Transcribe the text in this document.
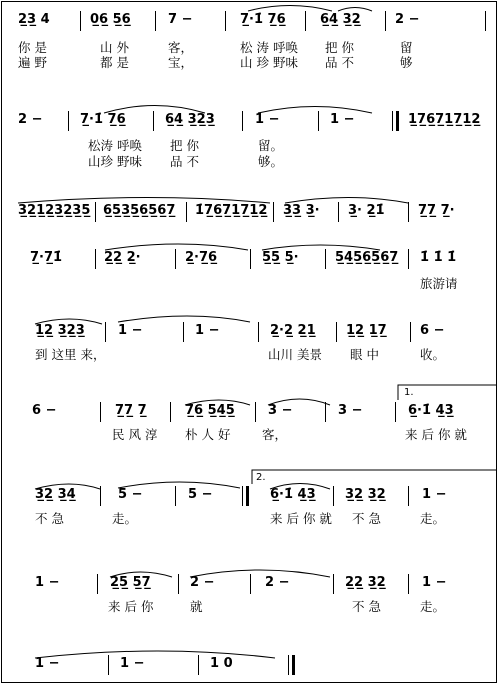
2̲3̲ 4	0̲6̲ 5̲6̲	7 −	7̲·1̇ 7̲6̲	6̲4̲ 3̲2̲	2 −
你 是	山 外	客，	松 涛 呼唤 把 你	留
遍 野	都 是	宝，	山 珍 野味 品 不	够
2 −	7̲·1̇ 7̲6̲	6̲4̲ 3̲2̲3̲	1 −	1 −	1̲7̲6̲7̲1̲7̲1̲2̲
松涛 呼唤 把 你	留。
山珍 野味 品 不	够。
3̲2̲1̲2̲3̲2̲3̲5̲ 6̲5̲3̲5̲6̲5̲6̲7̲ 1̇7̲6̲7̲1̲7̲1̲2̲ 3̲3̲ 3̲· 3̲· 2̲1̇	7̲7̲ 7̲·
7̲·7̲1̇	2̲2̲ 2̲·	2̲·7̲6̲	5̲5̲ 5̲·	5̲4̲5̲6̲5̲6̲7̲ 1̇ 1̇ 1̇
旅游请
1̲2̲ 3̲2̲3̲	1 −	1 −	2̲·2̲ 2̲1̲ 1̲2̲ 1̲7̲	6 −
到 这里 来，	山川 美景 眼 中	收。
6 −	7̲7̲ 7̲	7̲6̲ 5̲4̲5̲	3 −	3 −	6̲·1̇ 4̲3̲
民 风 淳 朴 人 好	客，	来 后 你 就
1.
3̲2̲ 3̲4̲	5 −	5 −	6̲·1̇ 4̲3̲ 3̲2̲ 3̲2̲	1 −
不 急	走。	来 后 你 就 不 急	走。
2.
1 −	2̲5̲ 5̲7̲	2 −	2 −	2̲2̲ 3̲2̲	1 −
来 后 你	就	不 急	走。
1 −	1 −	1 0
